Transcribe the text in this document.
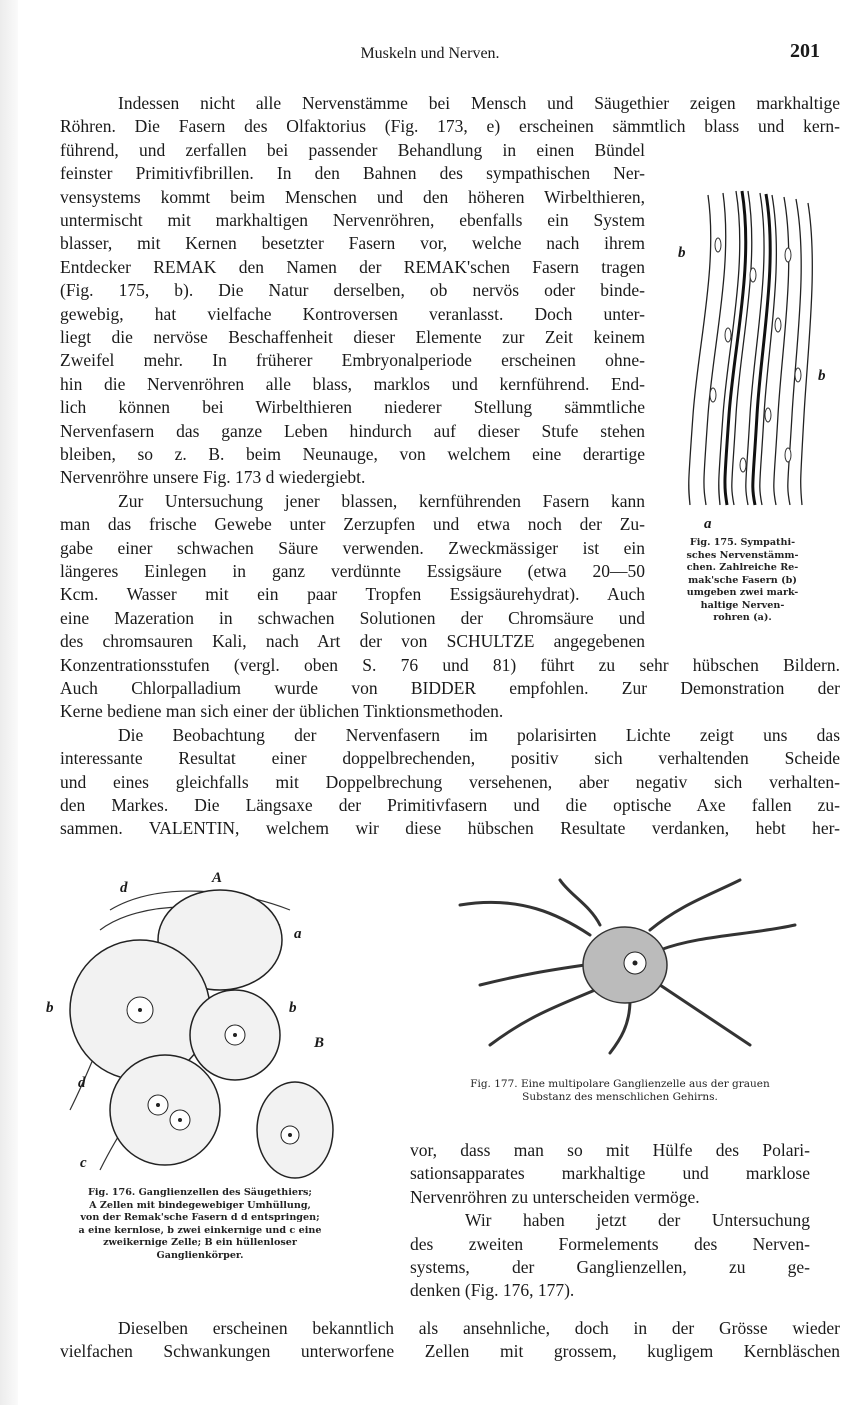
Muskeln und Nerven.	201
Indessen nicht alle Nervenstämme bei Mensch und Säugethier zeigen markhaltige
Röhren. Die Fasern des Olfaktorius (Fig. 173, e) erscheinen sämmtlich blass und kern-
führend, und zerfallen bei passender Behandlung in einen Bündel
feinster Primitivfibrillen. In den Bahnen des sympathischen Ner-
vensystems kommt beim Menschen und den höheren Wirbelthieren,
untermischt mit markhaltigen Nervenröhren, ebenfalls ein System
blasser, mit Kernen besetzter Fasern vor, welche nach ihrem
Entdecker REMAK den Namen der REMAK'schen Fasern tragen
(Fig. 175, b). Die Natur derselben, ob nervös oder binde-
gewebig, hat vielfache Kontroversen veranlasst. Doch unter-
liegt die nervöse Beschaffenheit dieser Elemente zur Zeit keinem
Zweifel mehr. In früherer Embryonalperiode erscheinen ohne-
hin die Nervenröhren alle blass, marklos und kernführend. End-
lich können bei Wirbelthieren niederer Stellung sämmtliche
Nervenfasern das ganze Leben hindurch auf dieser Stufe stehen
bleiben, so z. B. beim Neunauge, von welchem eine derartige
Nervenröhre unsere Fig. 173 d wiedergiebt.
Zur Untersuchung jener blassen, kernführenden Fasern kann
man das frische Gewebe unter Zerzupfen und etwa noch der Zu-
gabe einer schwachen Säure verwenden. Zweckmässiger ist ein
längeres Einlegen in ganz verdünnte Essigsäure (etwa 20—50
Kcm. Wasser mit ein paar Tropfen Essigsäurehydrat). Auch
eine Mazeration in schwachen Solutionen der Chromsäure und
des chromsauren Kali, nach Art der von SCHULTZE angegebenen
Konzentrationsstufen (vergl. oben S. 76 und 81) führt zu sehr hübschen Bildern.
Auch Chlorpalladium wurde von BIDDER empfohlen. Zur Demonstration der
Kerne bediene man sich einer der üblichen Tinktionsmethoden.
Die Beobachtung der Nervenfasern im polarisirten Lichte zeigt uns das
interessante Resultat einer doppelbrechenden, positiv sich verhaltenden Scheide
und eines gleichfalls mit Doppelbrechung versehenen, aber negativ sich verhalten-
den Markes. Die Längsaxe der Primitivfasern und die optische Axe fallen zu-
sammen. VALENTIN, welchem wir diese hübschen Resultate verdanken, hebt her-
vor, dass man so mit Hülfe des Polari-
sationsapparates markhaltige und marklose
Nervenröhren zu unterscheiden vermöge.
Wir haben jetzt der Untersuchung
des zweiten Formelements des Nerven-
systems, der Ganglienzellen, zu ge-
denken (Fig. 176, 177).
Dieselben erscheinen bekanntlich als ansehnliche, doch in der Grösse wieder
vielfachen Schwankungen unterworfene Zellen mit grossem, kugligem Kernbläschen
b
b
a
Fig. 175. Sympathi-
sches Nervenstämm-
chen. Zahlreiche Re-
mak'sche Fasern (b)
umgeben zwei mark-
haltige Nerven-
rohren (a).
d
A
a
b	b
B
d
c
Fig. 176. Ganglienzellen des Säugethiers;
A Zellen mit bindegewebiger Umhüllung,
von der Remak'sche Fasern d d entspringen;
a eine kernlose, b zwei einkernige und c eine
zweikernige Zelle; B ein hüllenloser
Ganglienkörper.
Fig. 177. Eine multipolare Ganglienzelle aus der grauen
Substanz des menschlichen Gehirns.
